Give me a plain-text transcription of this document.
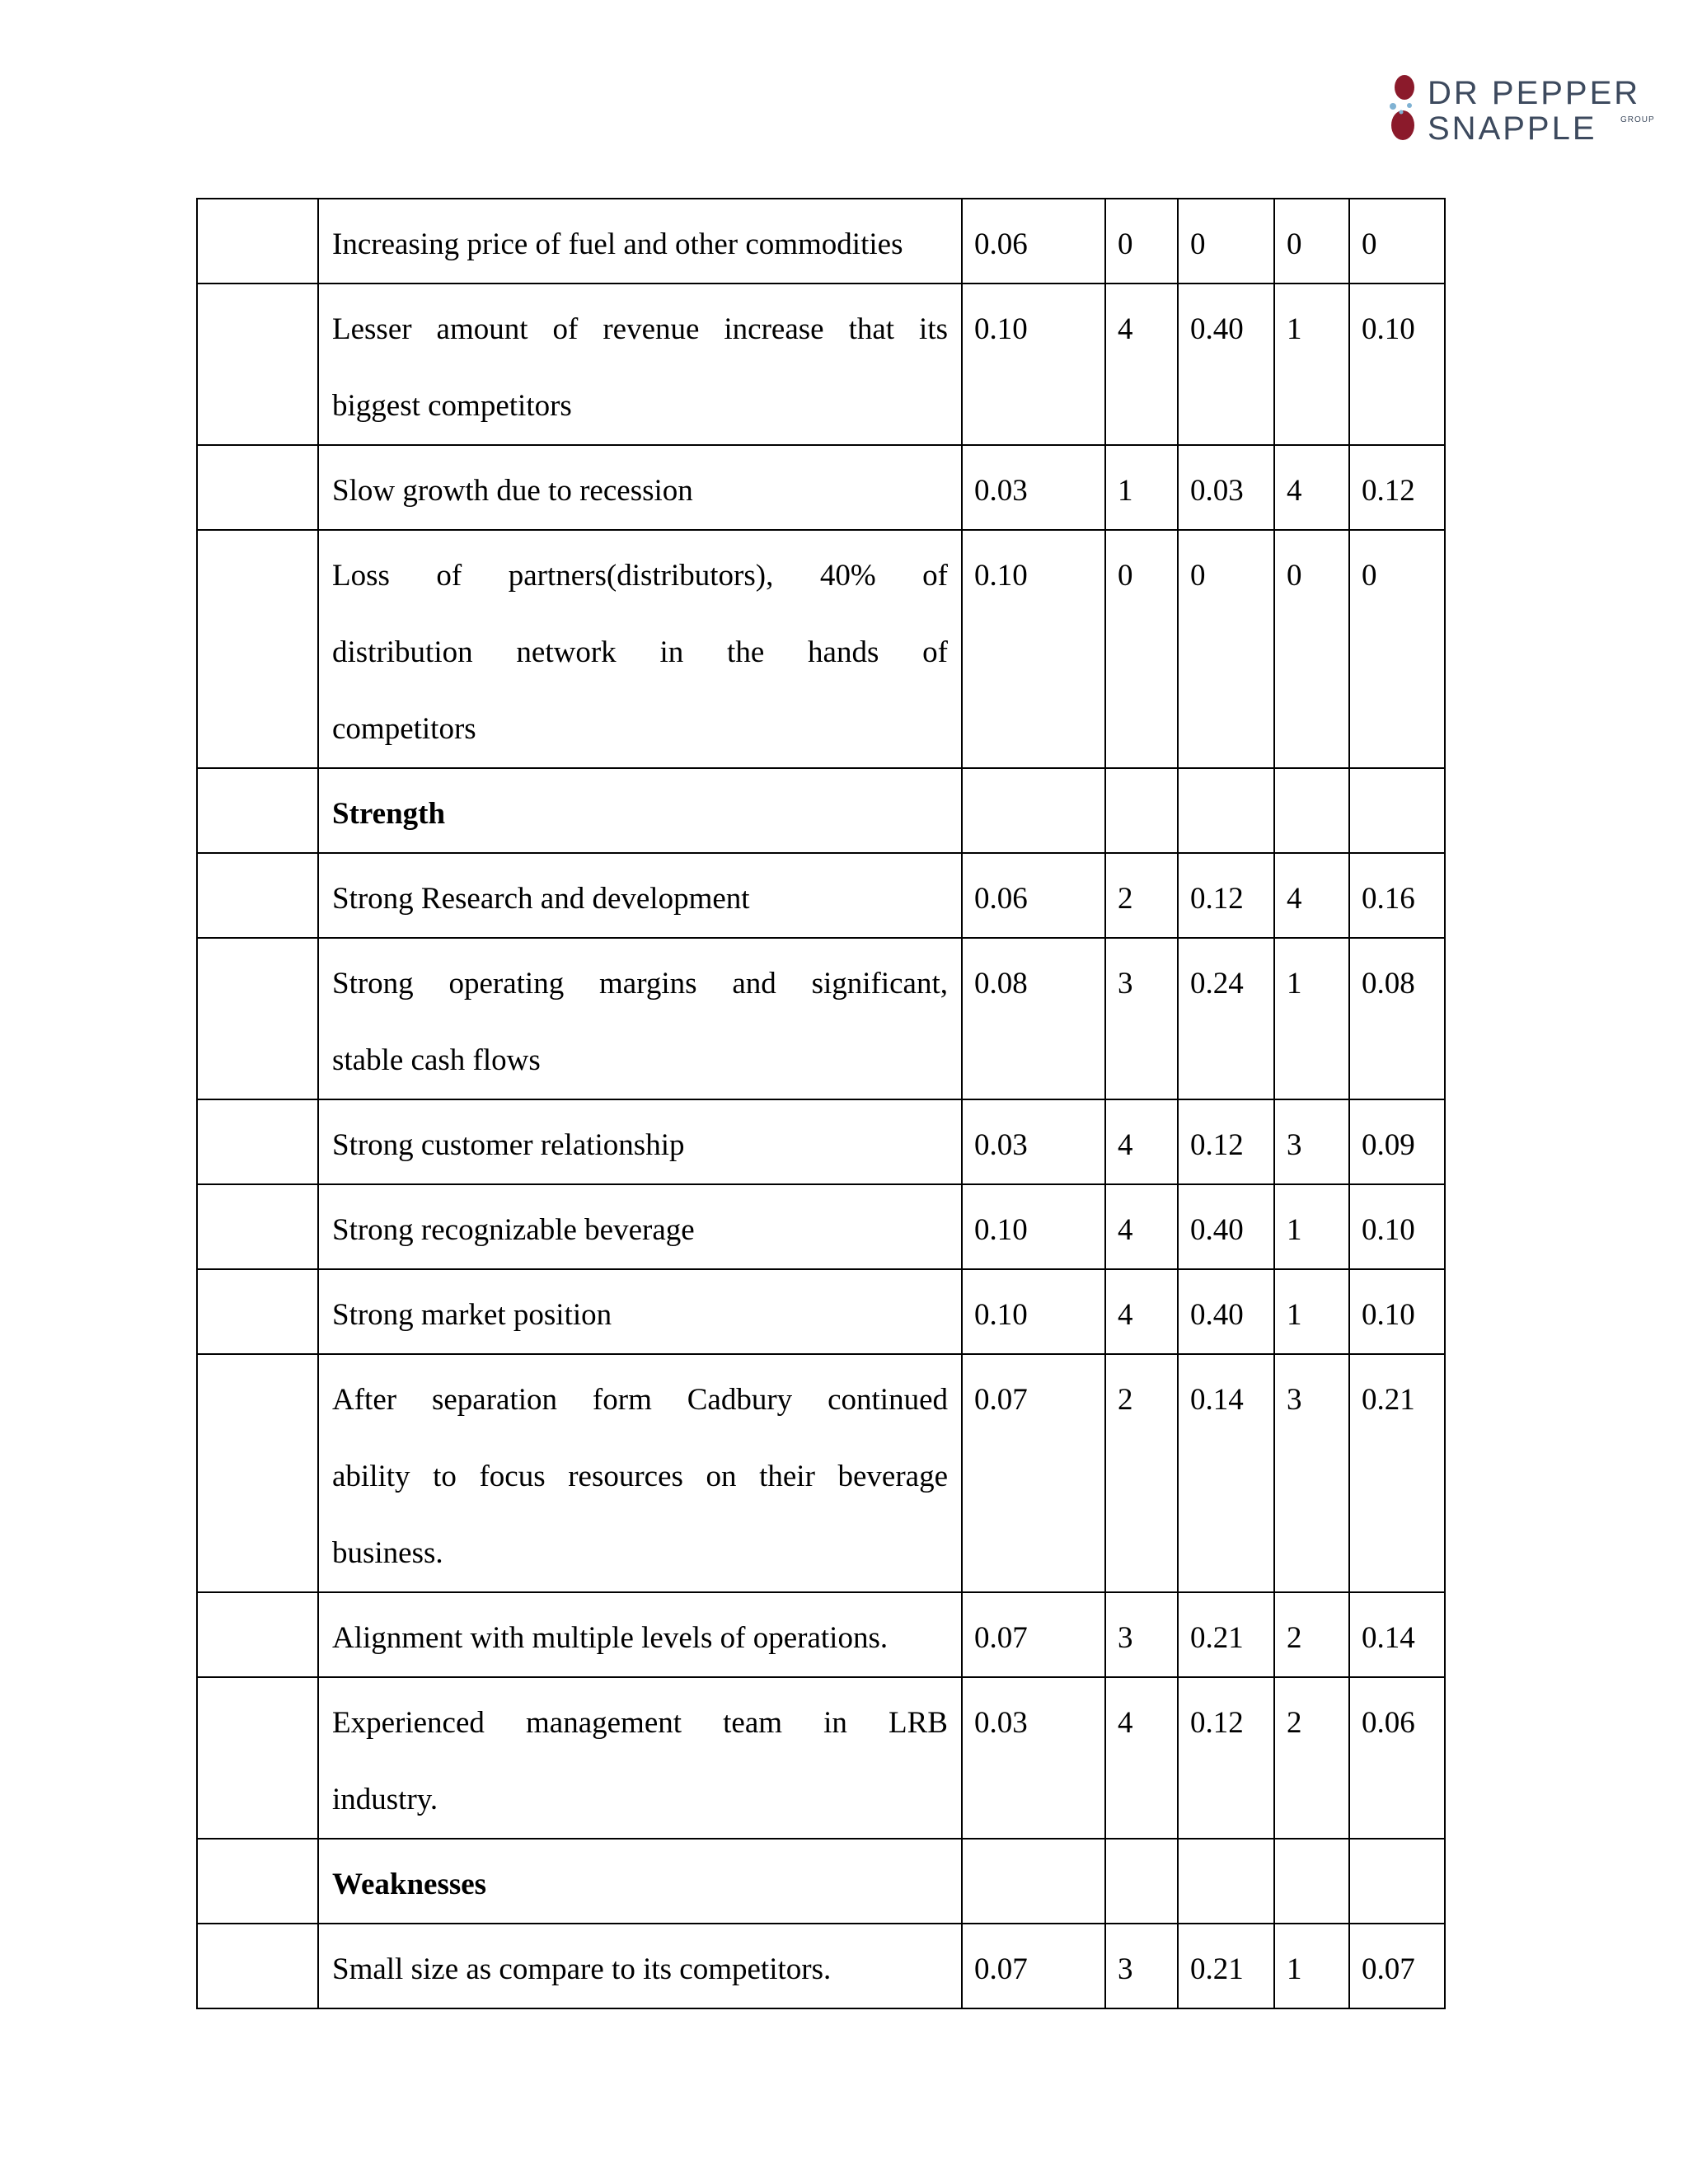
DR PEPPER
SNAPPLE	GROUP

	Increasing price of fuel and other commodities	0.06	0	0	0	0

	Lesser amount of revenue increase that its
biggest competitors	0.10	4	0.40	1	0.10

	Slow growth due to recession	0.03	1	0.03	4	0.12

	Loss of partners(distributors), 40% of
distribution network in the hands of
competitors	0.10	0	0	0	0
	Strength					

	Strong Research and development	0.06	2	0.12	4	0.16

	Strong operating margins and significant,
stable cash flows	0.08	3	0.24	1	0.08

	Strong customer relationship	0.03	4	0.12	3	0.09

	Strong recognizable beverage	0.10	4	0.40	1	0.10

	Strong market position	0.10	4	0.40	1	0.10

	After separation form Cadbury continued
ability to focus resources on their beverage
business.	0.07	2	0.14	3	0.21

	Alignment with multiple levels of operations.	0.07	3	0.21	2	0.14

	Experienced management team in LRB
industry.	0.03	4	0.12	2	0.06
	Weaknesses					

	Small size as compare to its competitors.	0.07	3	0.21	1	0.07
